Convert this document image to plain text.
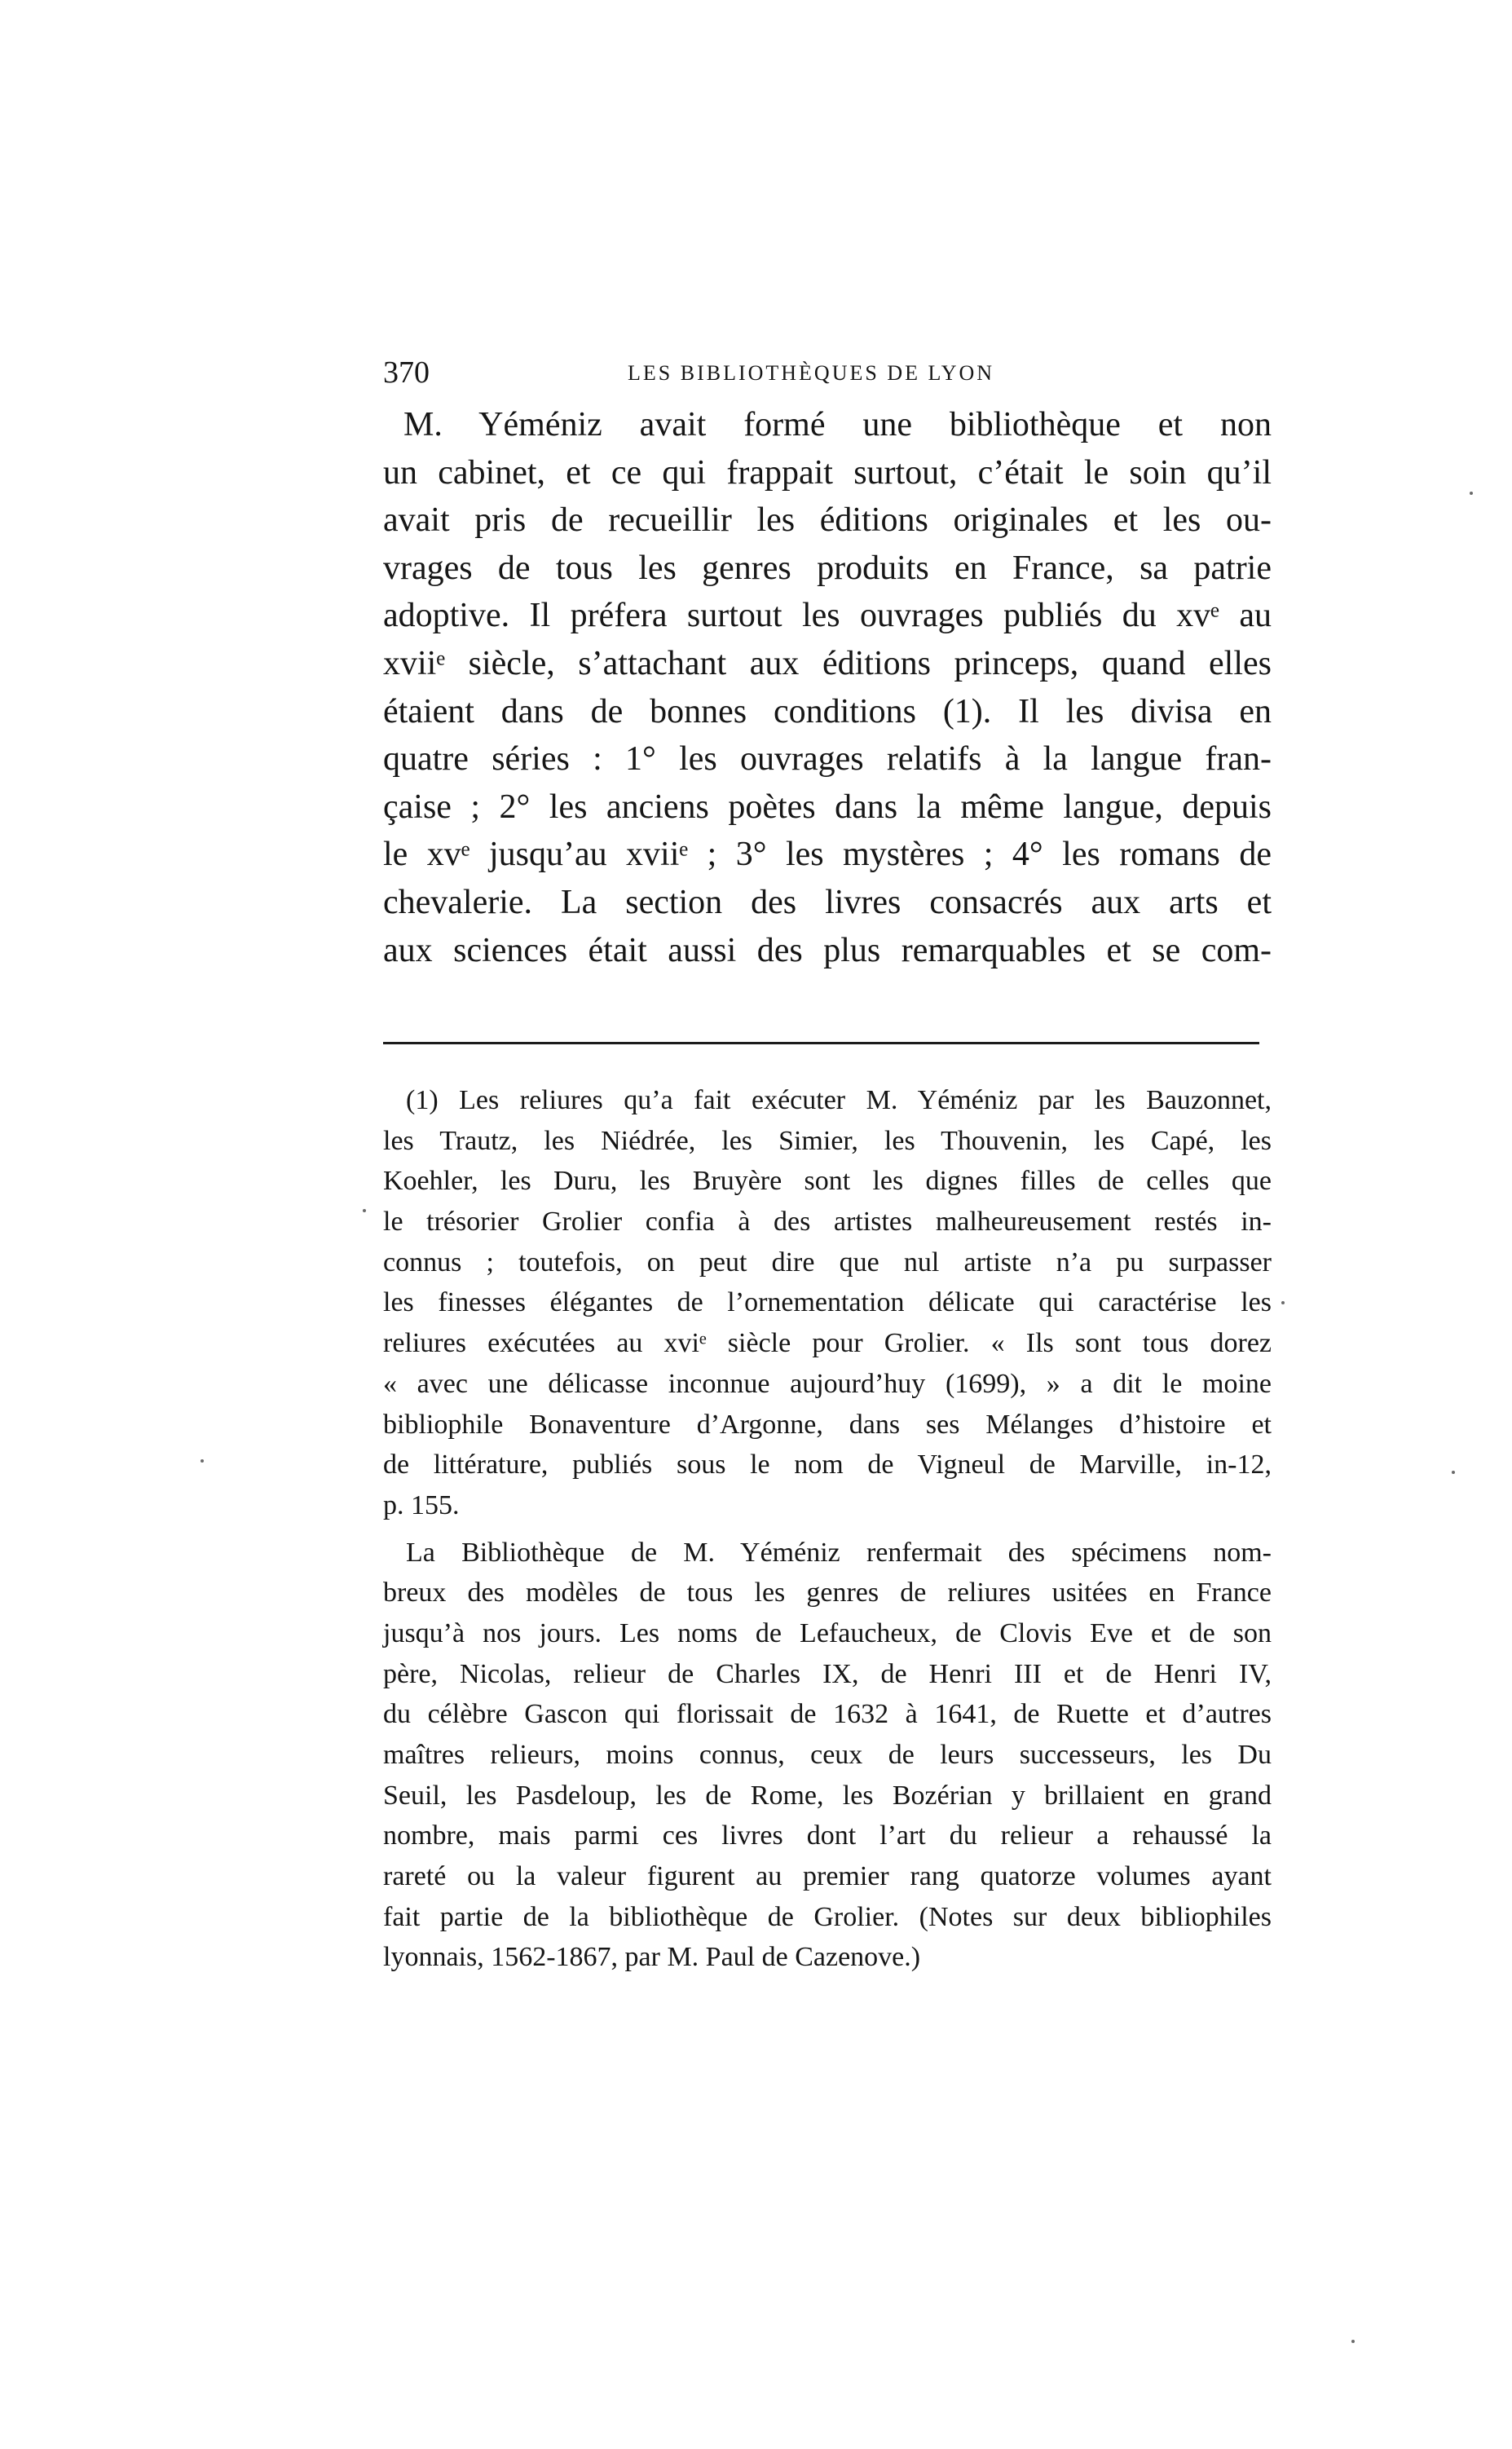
370	LES BIBLIOTHÈQUES DE LYON
M. Yéméniz avait formé une bibliothèque et non
un cabinet, et ce qui frappait surtout, c’était le soin qu’il
avait pris de recueillir les éditions originales et les ou-
vrages de tous les genres produits en France, sa patrie
adoptive. Il préfera surtout les ouvrages publiés du xvᵉ au
xviiᵉ siècle, s’attachant aux éditions princeps, quand elles
étaient dans de bonnes conditions (1). Il les divisa en
quatre séries : 1° les ouvrages relatifs à la langue fran-
çaise ; 2° les anciens poètes dans la même langue, depuis
le xvᵉ jusqu’au xviiᵉ ; 3° les mystères ; 4° les romans de
chevalerie. La section des livres consacrés aux arts et
aux sciences était aussi des plus remarquables et se com-
(1) Les reliures qu’a fait exécuter M. Yéméniz par les Bauzonnet,
les Trautz, les Niédrée, les Simier, les Thouvenin, les Capé, les
Koehler, les Duru, les Bruyère sont les dignes filles de celles que
le trésorier Grolier confia à des artistes malheureusement restés in-
connus ; toutefois, on peut dire que nul artiste n’a pu surpasser
les finesses élégantes de l’ornementation délicate qui caractérise les
reliures exécutées au xviᵉ siècle pour Grolier. « Ils sont tous dorez
« avec une délicasse inconnue aujourd’huy (1699), » a dit le moine
bibliophile Bonaventure d’Argonne, dans ses Mélanges d’histoire et
de littérature, publiés sous le nom de Vigneul de Marville, in-12,
p. 155.
La Bibliothèque de M. Yéméniz renfermait des spécimens nom-
breux des modèles de tous les genres de reliures usitées en France
jusqu’à nos jours. Les noms de Lefaucheux, de Clovis Eve et de son
père, Nicolas, relieur de Charles IX, de Henri III et de Henri IV,
du célèbre Gascon qui florissait de 1632 à 1641, de Ruette et d’autres
maîtres relieurs, moins connus, ceux de leurs successeurs, les Du
Seuil, les Pasdeloup, les de Rome, les Bozérian y brillaient en grand
nombre, mais parmi ces livres dont l’art du relieur a rehaussé la
rareté ou la valeur figurent au premier rang quatorze volumes ayant
fait partie de la bibliothèque de Grolier. (Notes sur deux bibliophiles
lyonnais, 1562-1867, par M. Paul de Cazenove.)
